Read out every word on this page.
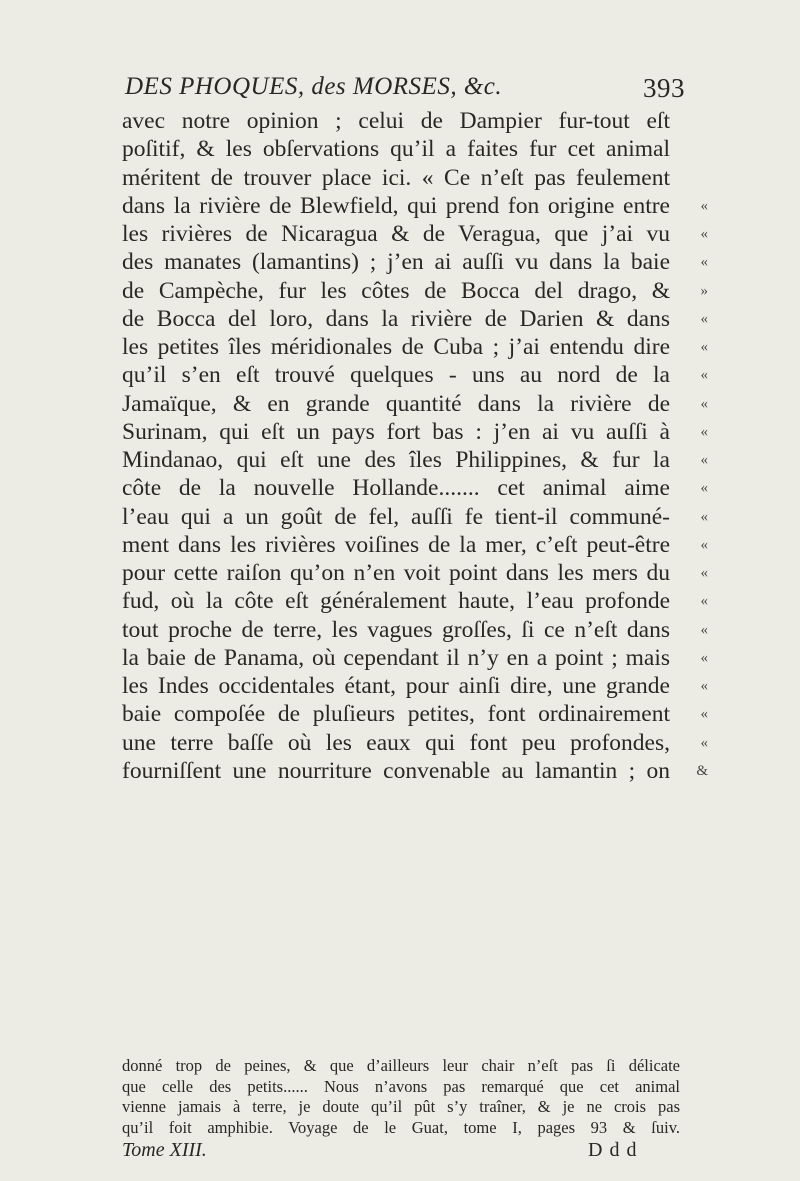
DES PHOQUES, des MORSES, &c.	393
avec notre opinion ; celui de Dampier fur-tout eſt
poſitif, & les obſervations qu’il a faites fur cet animal
méritent de trouver place ici. « Ce n’eſt pas feulement
dans la rivière de Blewfield, qui prend fon origine entre «
les rivières de Nicaragua & de Veragua, que j’ai vu «
des manates (lamantins) ; j’en ai auſſi vu dans la baie «
de Campèche, fur les côtes de Bocca del drago, & »
de Bocca del loro, dans la rivière de Darien & dans «
les petites îles méridionales de Cuba ; j’ai entendu dire «
qu’il s’en eſt trouvé quelques - uns au nord de la «
Jamaïque, & en grande quantité dans la rivière de «
Surinam, qui eſt un pays fort bas : j’en ai vu auſſi à «
Mindanao, qui eſt une des îles Philippines, & fur la «
côte de la nouvelle Hollande....... cet animal aime «
l’eau qui a un goût de fel, auſſi fe tient-il communé- «
ment dans les rivières voiſines de la mer, c’eſt peut-être «
pour cette raiſon qu’on n’en voit point dans les mers du «
fud, où la côte eſt généralement haute, l’eau profonde «
tout proche de terre, les vagues groſſes, ſi ce n’eſt dans «
la baie de Panama, où cependant il n’y en a point ; mais «
les Indes occidentales étant, pour ainſi dire, une grande «
baie compoſée de pluſieurs petites, font ordinairement «
une terre baſſe où les eaux qui font peu profondes, «
fourniſſent une nourriture convenable au lamantin ; on &
donné trop de peines, & que d’ailleurs leur chair n’eſt pas ſi délicate
que celle des petits...... Nous n’avons pas remarqué que cet animal
vienne jamais à terre, je doute qu’il pût s’y traîner, & je ne crois pas
qu’il foit amphibie. Voyage de le Guat, tome I, pages 93 & ſuiv.
Tome XIII.	D d d
